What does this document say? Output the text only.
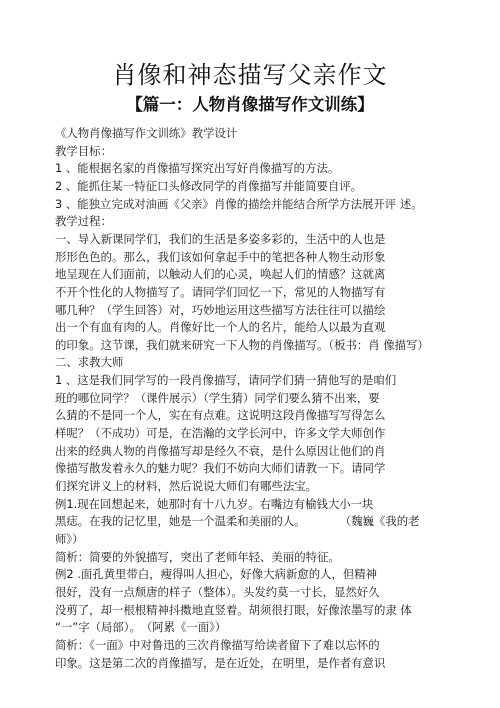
肖像和神态描写父亲作文
【篇一：人物肖像描写作文训练】
《人物肖像描写作文训练》教学设计
教学目标：
1 、能根据名家的肖像描写探究出写好肖像描写的方法。
2 、能抓住某一特征口头修改同学的肖像描写并能简要自评。
3 、能独立完成对油画《父亲》肖像的描绘并能结合所学方法展开评 述。
教学过程：
一、导入新课同学们，我们的生活是多姿多彩的，生活中的人也是
形形色色的。那么，我们该如何拿起手中的笔把各种人物生动形象
地呈现在人们面前，以触动人们的心灵，唤起人们的情感？这就离
不开个性化的人物描写了。请同学们回忆一下，常见的人物描写有
哪几种？（学生回答）对，巧妙地运用这些描写方法往往可以描绘
出一个有血有肉的人。肖像好比一个人的名片，能给人以最为直观
的印象。这节课，我们就来研究一下人物的肖像描写。（板书：肖 像描写）
二、求教大师
1 、这是我们同学写的一段肖像描写，请同学们猜一猜他写的是咱们
班的哪位同学？（课件展示）（学生猜）同学们要么猜不出来，要
么猜的不是同一个人，实在有点难。这说明这段肖像描写写得怎么
样呢？（不成功）可是，在浩瀚的文学长河中，许多文学大师创作
出来的经典人物的肖像描写却是经久不衰，是什么原因让他们的肖
像描写散发着永久的魅力呢？我们不妨向大师们请教一下。请同学
们探究讲义上的材料，然后说说大师们有哪些法宝。
例1.现在回想起来，她那时有十八九岁。右嘴边有榆钱大小一块
黑痣。在我的记忆里，她是一个温柔和美丽的人。　　　　（魏巍《我的老
师》）
简析：简要的外貌描写，突出了老师年轻、美丽的特征。
例2 .面孔黄里带白，瘦得叫人担心，好像大病新愈的人，但精神
很好，没有一点颓唐的样子（整体）。头发约莫一寸长，显然好久
没剪了，却一根根精神抖擞地直竖着。胡须很打眼，好像浓墨写的隶 体
“一”字（局部）。　（阿累《一面》）
简析：《一面》中对鲁迅的三次肖像描写给读者留下了难以忘怀的
印象。这是第二次的肖像描写，是在近处，在明里，是作者有意识
